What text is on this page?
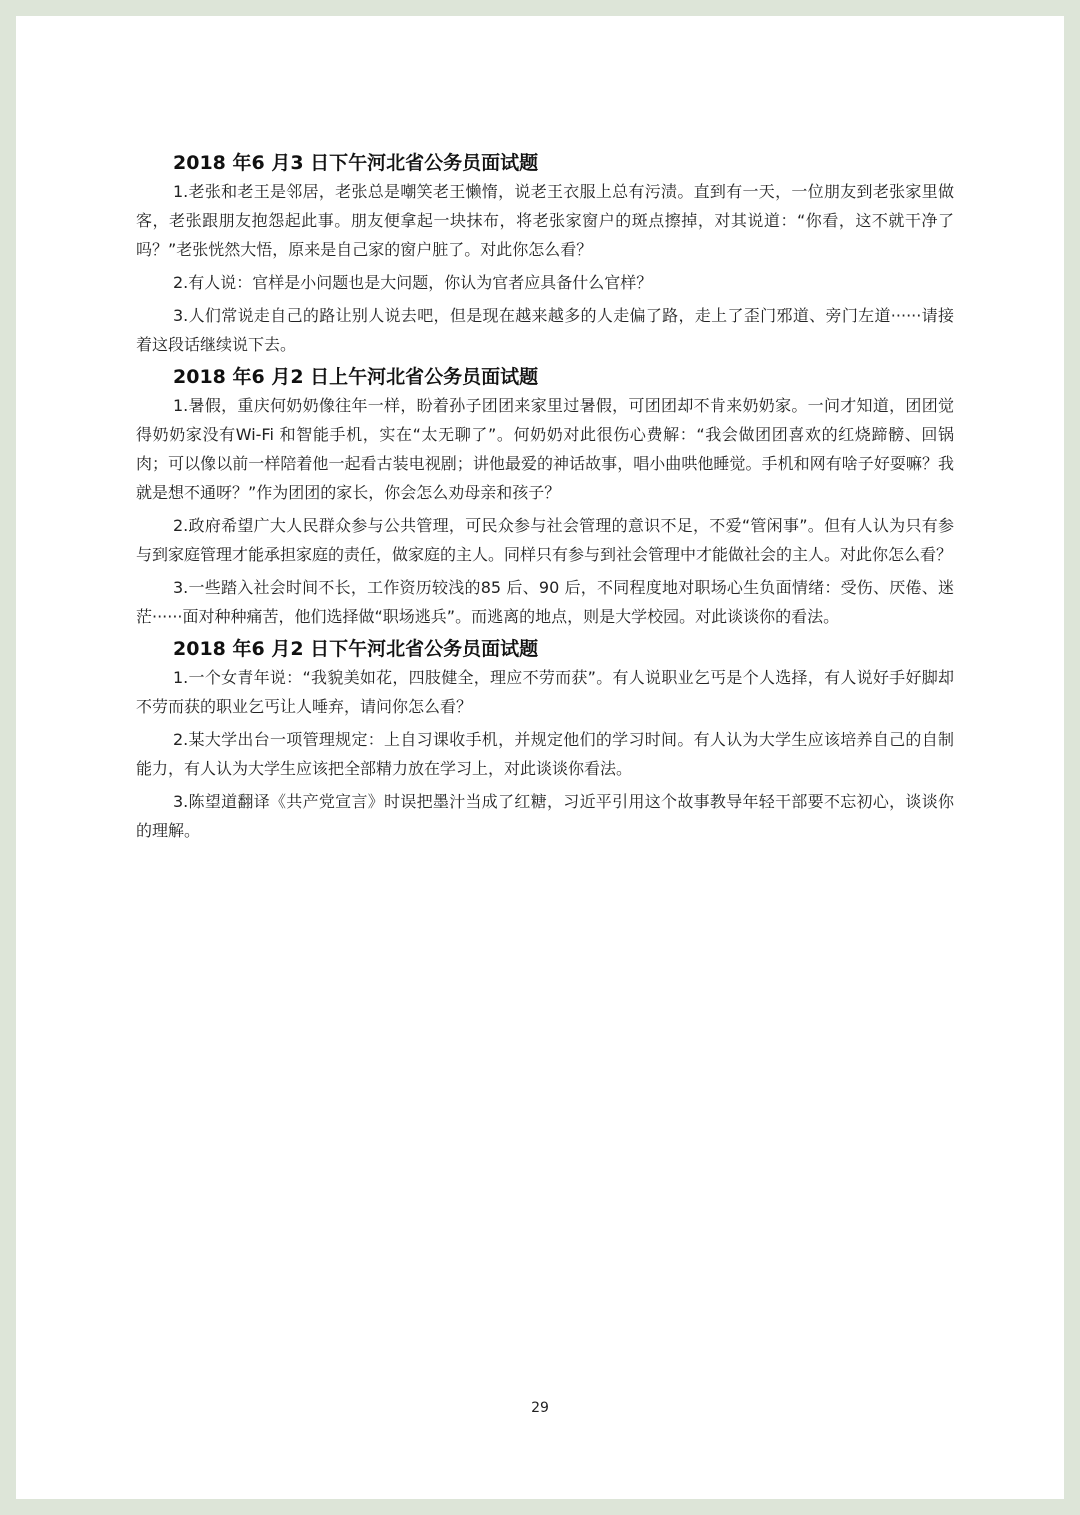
2018 年6 月3 日下午河北省公务员面试题

1.老张和老王是邻居，老张总是嘲笑老王懒惰，说老王衣服上总有污渍。直到有一天，一位朋友到老张家里做客，老张跟朋友抱怨起此事。朋友便拿起一块抹布，将老张家窗户的斑点擦掉，对其说道：“你看，这不就干净了吗？”老张恍然大悟，原来是自己家的窗户脏了。对此你怎么看？

2.有人说：官样是小问题也是大问题，你认为官者应具备什么官样？

3.人们常说走自己的路让别人说去吧，但是现在越来越多的人走偏了路，走上了歪门邪道、旁门左道······请接着这段话继续说下去。

2018 年6 月2 日上午河北省公务员面试题

1.暑假，重庆何奶奶像往年一样，盼着孙子团团来家里过暑假，可团团却不肯来奶奶家。一问才知道，团团觉得奶奶家没有Wi-Fi 和智能手机，实在“太无聊了”。何奶奶对此很伤心费解：“我会做团团喜欢的红烧蹄髈、回锅肉；可以像以前一样陪着他一起看古装电视剧；讲他最爱的神话故事，唱小曲哄他睡觉。手机和网有啥子好耍嘛？我就是想不通呀？”作为团团的家长，你会怎么劝母亲和孩子？

2.政府希望广大人民群众参与公共管理，可民众参与社会管理的意识不足，不爱“管闲事”。但有人认为只有参与到家庭管理才能承担家庭的责任，做家庭的主人。同样只有参与到社会管理中才能做社会的主人。对此你怎么看？

3.一些踏入社会时间不长，工作资历较浅的85 后、90 后，不同程度地对职场心生负面情绪：受伤、厌倦、迷茫······面对种种痛苦，他们选择做“职场逃兵”。而逃离的地点，则是大学校园。对此谈谈你的看法。

2018 年6 月2 日下午河北省公务员面试题

1.一个女青年说：“我貌美如花，四肢健全，理应不劳而获”。有人说职业乞丐是个人选择，有人说好手好脚却不劳而获的职业乞丐让人唾弃，请问你怎么看？

2.某大学出台一项管理规定：上自习课收手机，并规定他们的学习时间。有人认为大学生应该培养自己的自制能力，有人认为大学生应该把全部精力放在学习上，对此谈谈你看法。

3.陈望道翻译《共产党宣言》时误把墨汁当成了红糖，习近平引用这个故事教导年轻干部要不忘初心，谈谈你的理解。

29
